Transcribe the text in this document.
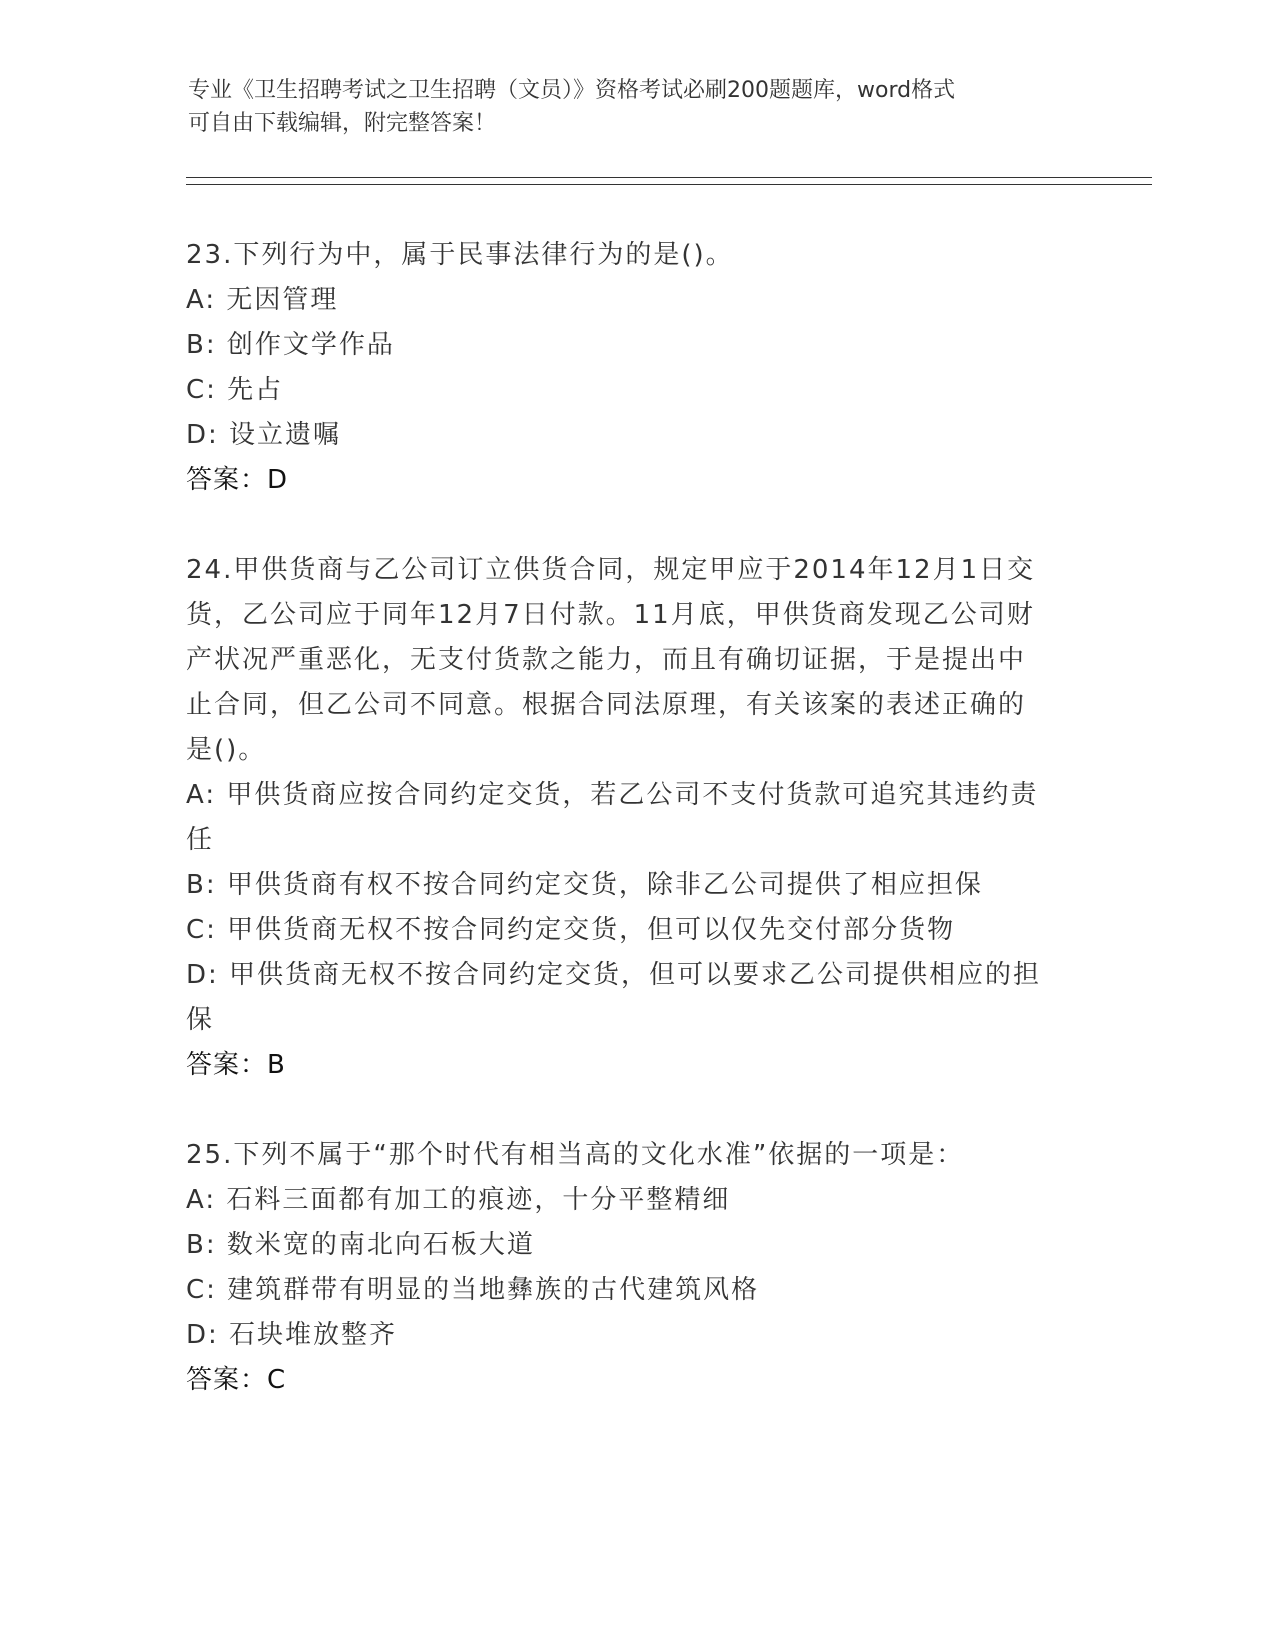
专业《卫生招聘考试之卫生招聘（文员）》资格考试必刷200题题库，word格式
可自由下载编辑，附完整答案！
23.下列行为中，属于民事法律行为的是()。
A: 无因管理
B: 创作文学作品
C: 先占
D: 设立遗嘱
答案：D
24.甲供货商与乙公司订立供货合同，规定甲应于2014年12月1日交
货，乙公司应于同年12月7日付款。11月底，甲供货商发现乙公司财
产状况严重恶化，无支付货款之能力，而且有确切证据，于是提出中
止合同，但乙公司不同意。根据合同法原理，有关该案的表述正确的
是()。
A: 甲供货商应按合同约定交货，若乙公司不支付货款可追究其违约责
任
B: 甲供货商有权不按合同约定交货，除非乙公司提供了相应担保
C: 甲供货商无权不按合同约定交货，但可以仅先交付部分货物
D: 甲供货商无权不按合同约定交货，但可以要求乙公司提供相应的担
保
答案：B
25.下列不属于“那个时代有相当高的文化水准”依据的一项是：
A: 石料三面都有加工的痕迹，十分平整精细
B: 数米宽的南北向石板大道
C: 建筑群带有明显的当地彝族的古代建筑风格
D: 石块堆放整齐
答案：C
